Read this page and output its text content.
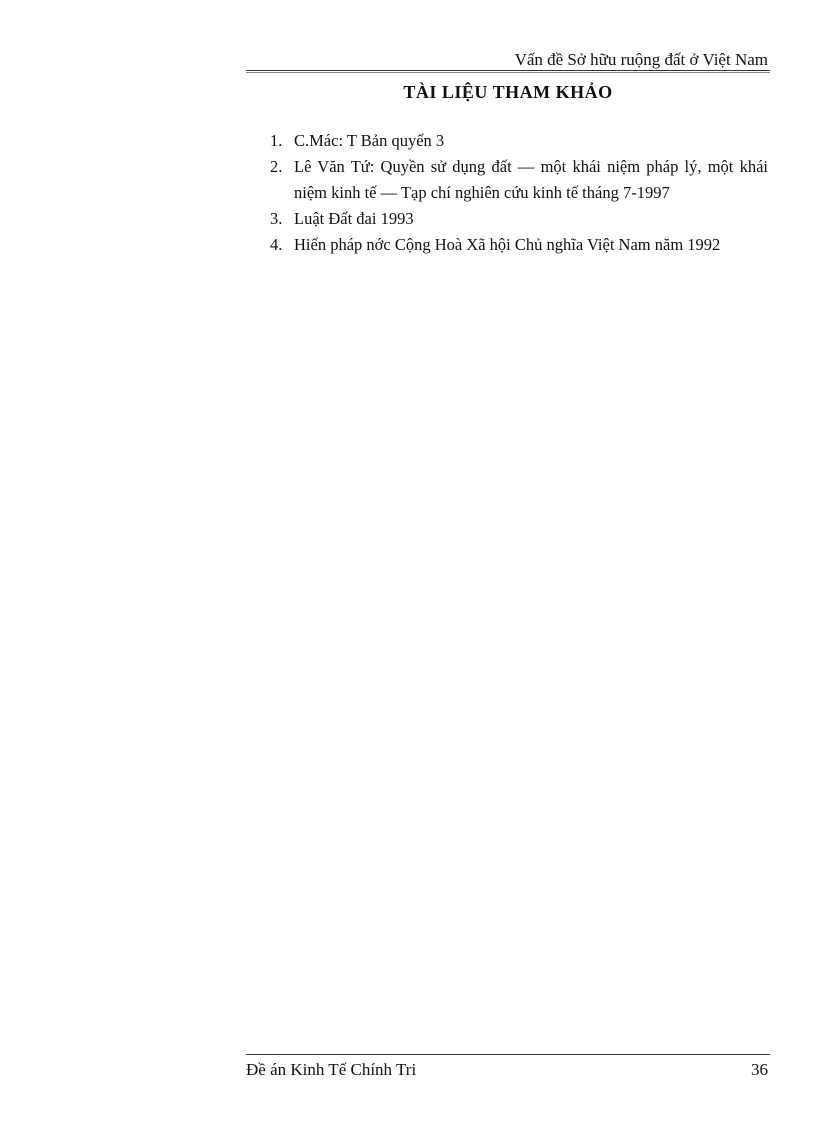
Vấn đề Sở hữu ruộng đất ở Việt Nam
TÀI LIỆU THAM KHẢO
1. C.Mác: T Bản quyển 3
2. Lê Văn Tứ: Quyền sử dụng đất — một khái niệm pháp lý, một khái niệm kinh tế — Tạp chí nghiên cứu kinh tế tháng 7-1997
3. Luật Đất đai 1993
4. Hiến pháp nớc Cộng Hoà Xã hội Chủ nghĩa Việt Nam năm 1992
Đề án Kinh Tế Chính Tri	36
